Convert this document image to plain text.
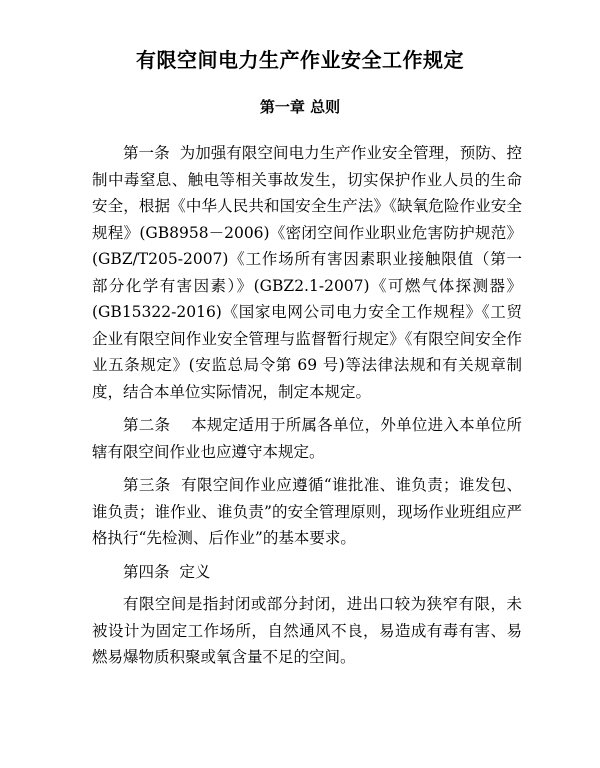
有限空间电力生产作业安全工作规定
第一章 总则

第一条 为加强有限空间电力生产作业安全管理，预防、控制中毒窒息、触电等相关事故发生，切实保护作业人员的生命安全，根据《中华人民共和国安全生产法》《缺氧危险作业安全规程》(GB8958－2006)《密闭空间作业职业危害防护规范》(GBZ/T205-2007)《工作场所有害因素职业接触限值（第一部分化学有害因素）》(GBZ2.1-2007)《可燃气体探测器》(GB15322-2016)《国家电网公司电力安全工作规程》《工贸企业有限空间作业安全管理与监督暂行规定》《有限空间安全作业五条规定》(安监总局令第 69 号)等法律法规和有关规章制度，结合本单位实际情况，制定本规定。

第二条 本规定适用于所属各单位，外单位进入本单位所辖有限空间作业也应遵守本规定。

第三条 有限空间作业应遵循“谁批准、谁负责；谁发包、谁负责；谁作业、谁负责”的安全管理原则，现场作业班组应严格执行“先检测、后作业”的基本要求。

第四条 定义

有限空间是指封闭或部分封闭，进出口较为狭窄有限，未被设计为固定工作场所，自然通风不良，易造成有毒有害、易燃易爆物质积聚或氧含量不足的空间。
